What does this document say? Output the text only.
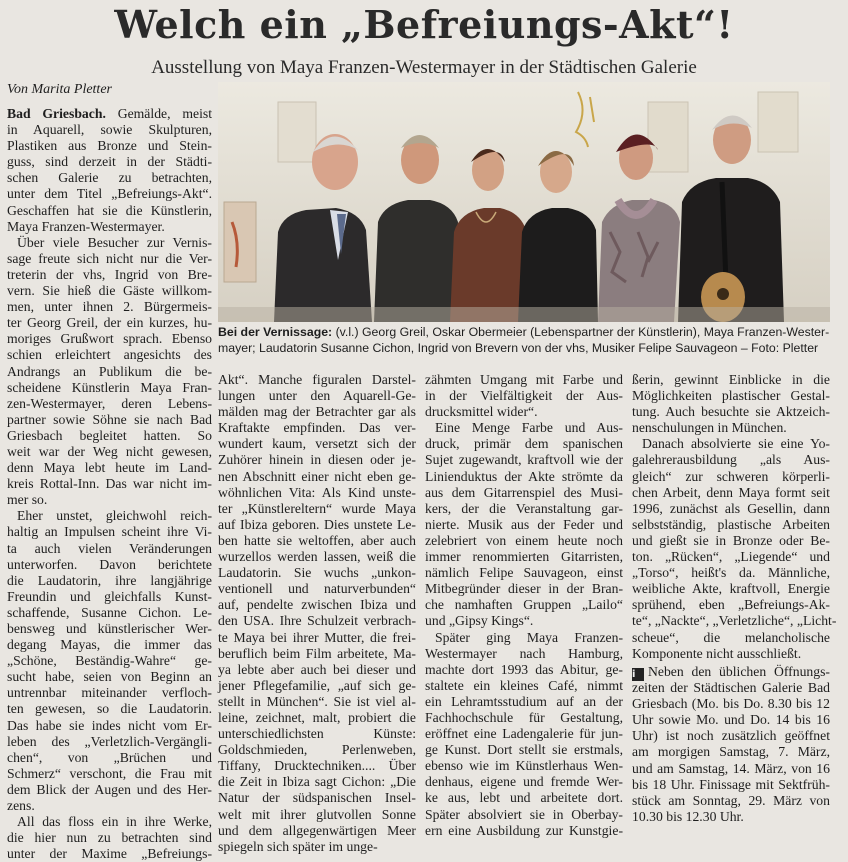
Welch ein „Befreiungs-Akt“!
Ausstellung von Maya Franzen-Westermayer in der Städtischen Galerie
Von Marita Pletter
Bei der Vernissage: (v.l.) Georg Greil, Oskar Obermeier (Lebenspartner der Künstlerin), Maya Franzen-Wester-
mayer; Laudatorin Susanne Cichon, Ingrid von Brevern von der vhs, Musiker Felipe Sauvageon – Foto: Pletter
Bad Griesbach. Gemälde, meist
in Aquarell, sowie Skulpturen,
Plastiken aus Bronze und Stein-
guss, sind derzeit in der Städti-
schen Galerie zu betrachten,
unter dem Titel „Befreiungs-Akt“.
Geschaffen hat sie die Künstlerin,
Maya Franzen-Westermayer.
Über viele Besucher zur Vernis-
sage freute sich nicht nur die Ver-
treterin der vhs, Ingrid von Bre-
vern. Sie hieß die Gäste willkom-
men, unter ihnen 2. Bürgermeis-
ter Georg Greil, der ein kurzes, hu-
moriges Grußwort sprach. Ebenso
schien erleichtert angesichts des
Andrangs an Publikum die be-
scheidene Künstlerin Maya Fran-
zen-Westermayer, deren Lebens-
partner sowie Söhne sie nach Bad
Griesbach begleitet hatten. So
weit war der Weg nicht gewesen,
denn Maya lebt heute im Land-
kreis Rottal-Inn. Das war nicht im-
mer so.
Eher unstet, gleichwohl reich-
haltig an Impulsen scheint ihre Vi-
ta auch vielen Veränderungen
unterworfen. Davon berichtete
die Laudatorin, ihre langjährige
Freundin und gleichfalls Kunst-
schaffende, Susanne Cichon. Le-
bensweg und künstlerischer Wer-
degang Mayas, die immer das
„Schöne, Beständig-Wahre“ ge-
sucht habe, seien von Beginn an
untrennbar miteinander verfloch-
ten gewesen, so die Laudatorin.
Das habe sie indes nicht vom Er-
leben des „Verletzlich-Vergängli-
chen“, von „Brüchen und
Schmerz“ verschont, die Frau mit
dem Blick der Augen und des Her-
zens.
All das floss ein in ihre Werke,
die hier nun zu betrachten sind
unter der Maxime „Befreiungs-
Akt“. Manche figuralen Darstel-
lungen unter den Aquarell-Ge-
mälden mag der Betrachter gar als
Kraftakte empfinden. Das ver-
wundert kaum, versetzt sich der
Zuhörer hinein in diesen oder je-
nen Abschnitt einer nicht eben ge-
wöhnlichen Vita: Als Kind unste-
ter „Künstlereltern“ wurde Maya
auf Ibiza geboren. Dies unstete Le-
ben hatte sie weltoffen, aber auch
wurzellos werden lassen, weiß die
Laudatorin. Sie wuchs „unkon-
ventionell und naturverbunden“
auf, pendelte zwischen Ibiza und
den USA. Ihre Schulzeit verbrach-
te Maya bei ihrer Mutter, die frei-
beruflich beim Film arbeitete, Ma-
ya lebte aber auch bei dieser und
jener Pflegefamilie, „auf sich ge-
stellt in München“. Sie ist viel al-
leine, zeichnet, malt, probiert die
unterschiedlichsten Künste:
Goldschmieden, Perlenweben,
Tiffany, Drucktechniken.... Über
die Zeit in Ibiza sagt Cichon: „Die
Natur der südspanischen Insel-
welt mit ihrer glutvollen Sonne
und dem allgegenwärtigen Meer
spiegeln sich später im unge-
zähmten Umgang mit Farbe und
in der Vielfältigkeit der Aus-
drucksmittel wider“.
Eine Menge Farbe und Aus-
druck, primär dem spanischen
Sujet zugewandt, kraftvoll wie der
Linienduktus der Akte strömte da
aus dem Gitarrenspiel des Musi-
kers, der die Veranstaltung gar-
nierte. Musik aus der Feder und
zelebriert von einem heute noch
immer renommierten Gitarristen,
nämlich Felipe Sauvageon, einst
Mitbegründer dieser in der Bran-
che namhaften Gruppen „Lailo“
und „Gipsy Kings“.
Später ging Maya Franzen-
Westermayer nach Hamburg,
machte dort 1993 das Abitur, ge-
staltete ein kleines Café, nimmt
ein Lehramtsstudium auf an der
Fachhochschule für Gestaltung,
eröffnet eine Ladengalerie für jun-
ge Kunst. Dort stellt sie erstmals,
ebenso wie im Künstlerhaus Wen-
denhaus, eigene und fremde Wer-
ke aus, lebt und arbeitete dort.
Später absolviert sie in Oberbay-
ern eine Ausbildung zur Kunstgie-
ßerin, gewinnt Einblicke in die
Möglichkeiten plastischer Gestal-
tung. Auch besuchte sie Aktzeich-
nenschulungen in München.
Danach absolvierte sie eine Yo-
galehrerausbildung „als Aus-
gleich“ zur schweren körperli-
chen Arbeit, denn Maya formt seit
1996, zunächst als Gesellin, dann
selbstständig, plastische Arbeiten
und gießt sie in Bronze oder Be-
ton. „Rücken“, „Liegende“ und
„Torso“, heißt's da. Männliche,
weibliche Akte, kraftvoll, Energie
sprühend, eben „Befreiungs-Ak-
te“, „Nackte“, „Verletzliche“, „Licht-
scheue“, die melancholische
Komponente nicht ausschließt.
i Neben den üblichen Öffnungs-
zeiten der Städtischen Galerie Bad
Griesbach (Mo. bis Do. 8.30 bis 12
Uhr sowie Mo. und Do. 14 bis 16
Uhr) ist noch zusätzlich geöffnet
am morgigen Samstag, 7. März,
und am Samstag, 14. März, von 16
bis 18 Uhr. Finissage mit Sektfrüh-
stück am Sonntag, 29. März von
10.30 bis 12.30 Uhr.
